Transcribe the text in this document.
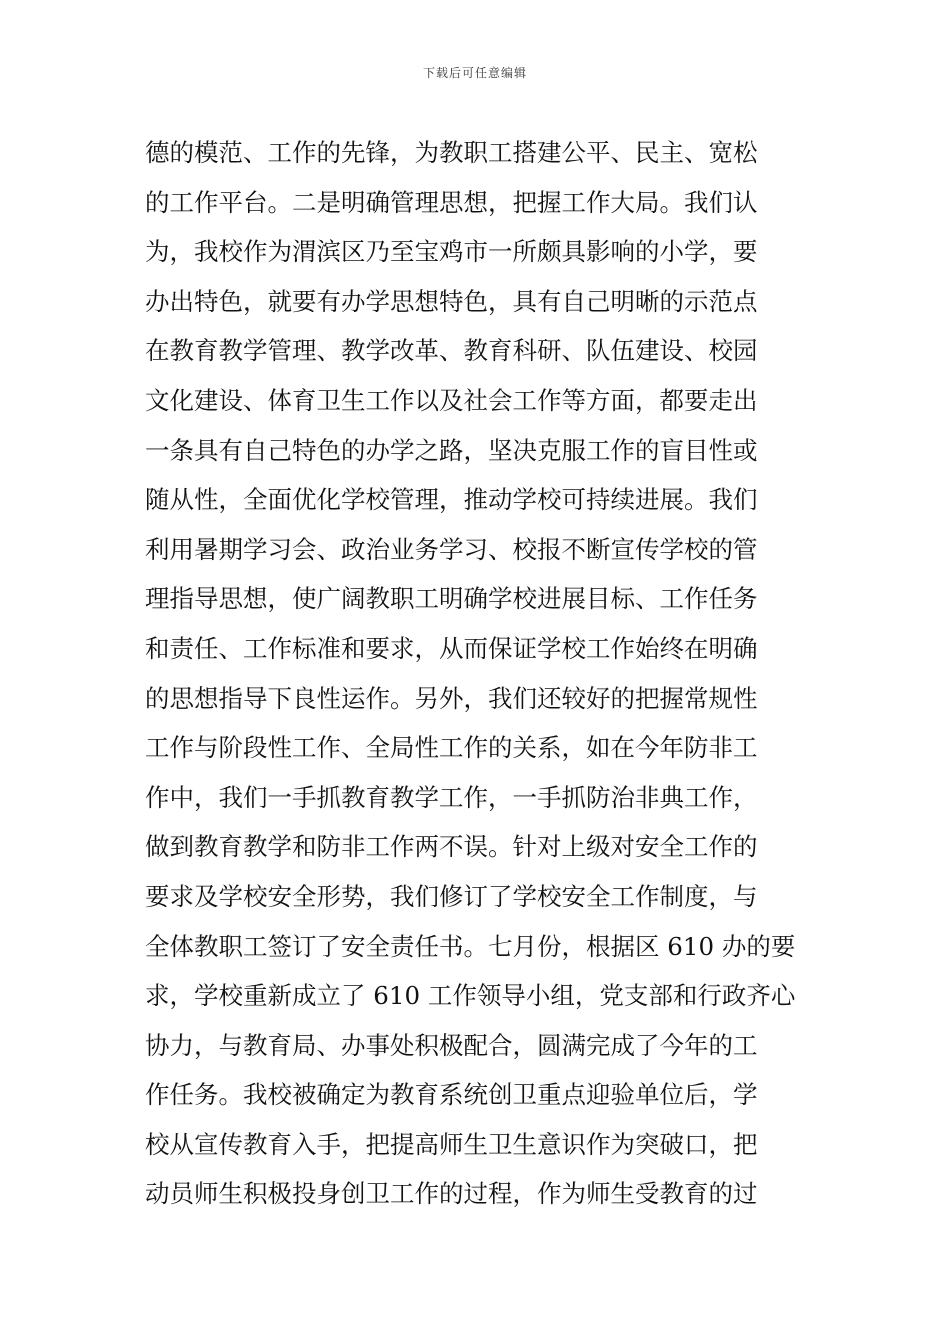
下载后可任意编辑
德的模范、工作的先锋，为教职工搭建公平、民主、宽松
的工作平台。二是明确管理思想，把握工作大局。我们认
为，我校作为渭滨区乃至宝鸡市一所颇具影响的小学，要
办出特色，就要有办学思想特色，具有自己明晰的示范点
在教育教学管理、教学改革、教育科研、队伍建设、校园
文化建设、体育卫生工作以及社会工作等方面，都要走出
一条具有自己特色的办学之路，坚决克服工作的盲目性或
随从性，全面优化学校管理，推动学校可持续进展。我们
利用暑期学习会、政治业务学习、校报不断宣传学校的管
理指导思想，使广阔教职工明确学校进展目标、工作任务
和责任、工作标准和要求，从而保证学校工作始终在明确
的思想指导下良性运作。另外，我们还较好的把握常规性
工作与阶段性工作、全局性工作的关系，如在今年防非工
作中，我们一手抓教育教学工作，一手抓防治非典工作，
做到教育教学和防非工作两不误。针对上级对安全工作的
要求及学校安全形势，我们修订了学校安全工作制度，与
全体教职工签订了安全责任书。七月份，根据区 610 办的要
求，学校重新成立了 610 工作领导小组，党支部和行政齐心
协力，与教育局、办事处积极配合，圆满完成了今年的工
作任务。我校被确定为教育系统创卫重点迎验单位后，学
校从宣传教育入手，把提高师生卫生意识作为突破口，把
动员师生积极投身创卫工作的过程，作为师生受教育的过
